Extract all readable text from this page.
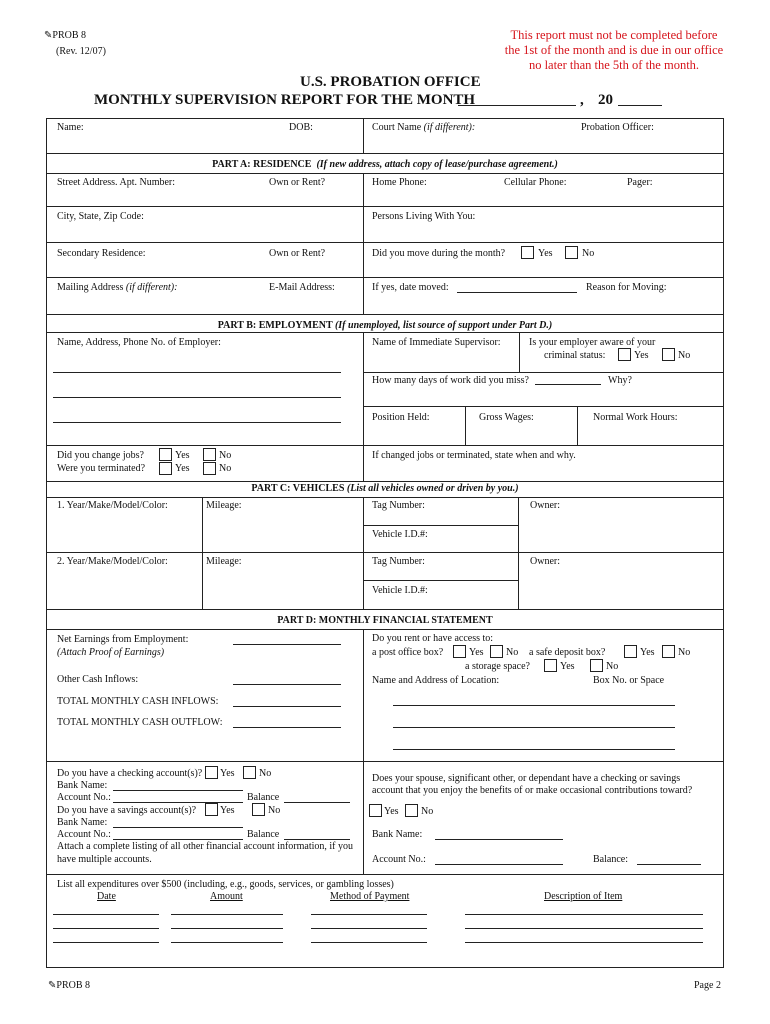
✎PROB 8
(Rev. 12/07)
This report must not be completed before
the 1st of the month and is due in our office
no later than the 5th of the month.
U.S. PROBATION OFFICE
MONTHLY SUPERVISION REPORT FOR THE MONTH	, 20
Name:	DOB:	Court Name (if different):	Probation Officer:
PART A: RESIDENCE (If new address, attach copy of lease/purchase agreement.)
Street Address. Apt. Number:	Own or Rent?	Home Phone:	Cellular Phone:	Pager:
City, State, Zip Code:	Persons Living With You:
Secondary Residence:	Own or Rent?	Did you move during the month?	Yes	No
Mailing Address (if different):	E-Mail Address:	If yes, date moved:	Reason for Moving:
PART B: EMPLOYMENT (If unemployed, list source of support under Part D.)
Name, Address, Phone No. of Employer:	Name of Immediate Supervisor:	Is your employer aware of your
criminal status:	Yes	No
How many days of work did you miss?	Why?
Position Held:	Gross Wages:	Normal Work Hours:
Did you change jobs?	Yes	No
Were you terminated?	Yes	No
If changed jobs or terminated, state when and why.
PART C: VEHICLES (List all vehicles owned or driven by you.)
1. Year/Make/Model/Color:	Mileage:	Tag Number:	Owner:
Vehicle I.D.#:
2. Year/Make/Model/Color:	Mileage:	Tag Number:	Owner:
Vehicle I.D.#:
PART D: MONTHLY FINANCIAL STATEMENT
Net Earnings from Employment:
(Attach Proof of Earnings)
Other Cash Inflows:
TOTAL MONTHLY CASH INFLOWS:
TOTAL MONTHLY CASH OUTFLOW:
Do you rent or have access to:
a post office box?	Yes No a safe deposit box?	Yes No
a storage space?	Yes	No
Name and Address of Location:	Box No. or Space
Do you have a checking account(s)? Yes No
Bank Name:
Account No.:	Balance
Do you have a savings account(s)? Yes	No
Bank Name:
Account No.:	Balance
Attach a complete listing of all other financial account information, if you
have multiple accounts.
Does your spouse, significant other, or dependant have a checking or savings
account that you enjoy the benefits of or make occasional contributions toward?
Yes No
Bank Name:
Account No.:	Balance:
List all expenditures over $500 (including, e.g., goods, services, or gambling losses)
Date	Amount	Method of Payment	Description of Item
✎PROB 8	Page 2
